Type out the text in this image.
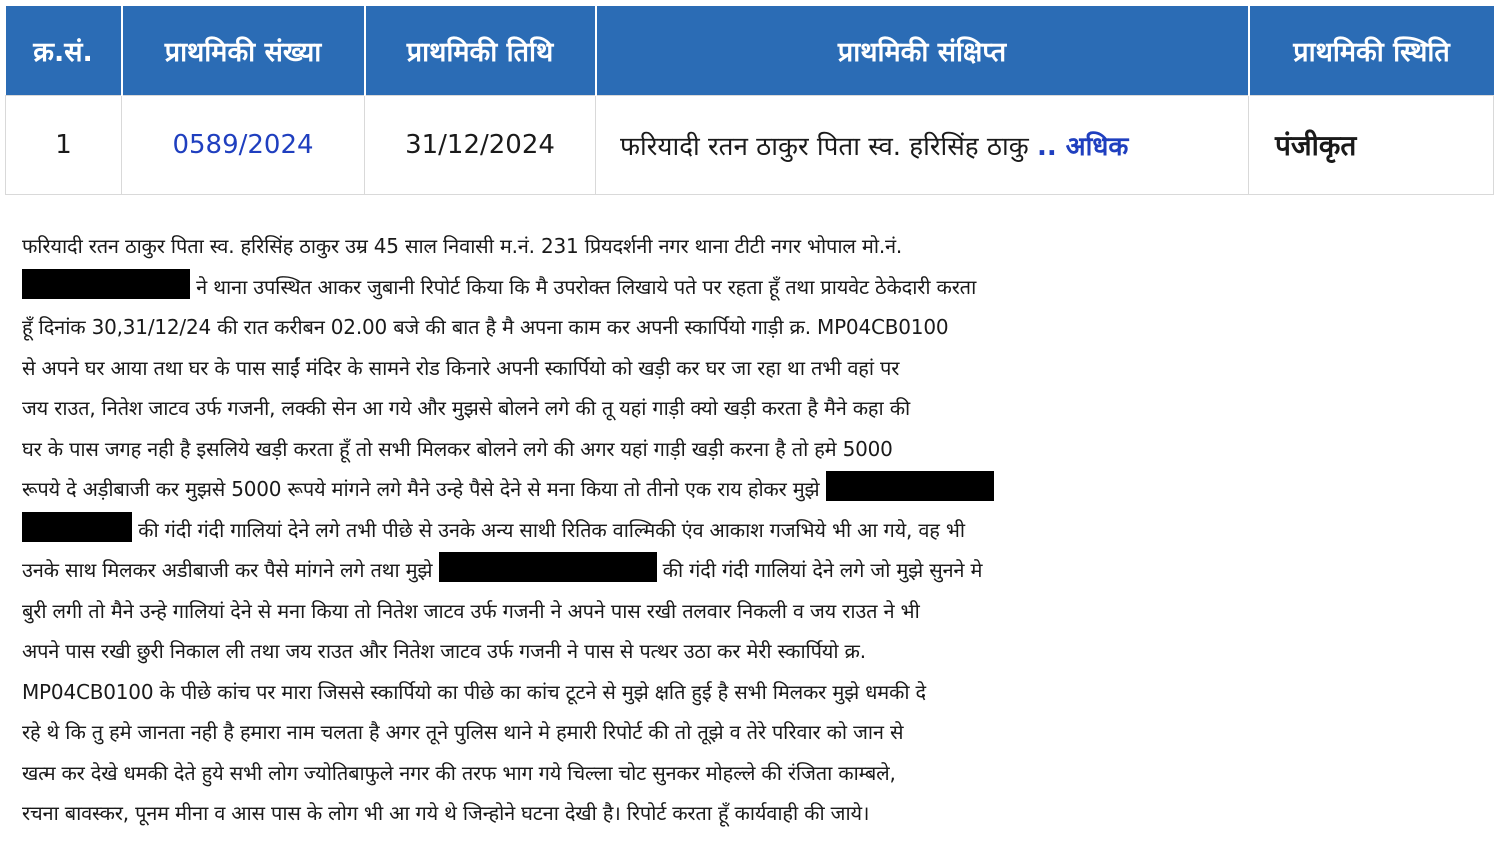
क्र.सं.	प्राथमिकी संख्या	प्राथमिकी तिथि	प्राथमिकी संक्षिप्त	प्राथमिकी स्थिति
1	0589/2024	31/12/2024	फरियादी रतन ठाकुर पिता स्व. हरिसिंह ठाकु .. अधिक	पंजीकृत
फरियादी रतन ठाकुर पिता स्व. हरिसिंह ठाकुर उम्र 45 साल निवासी म.नं. 231 प्रियदर्शनी नगर थाना टीटी नगर भोपाल मो.नं.
ने थाना उपस्थित आकर जुबानी रिपोर्ट किया कि मै उपरोक्त लिखाये पते पर रहता हूँ तथा प्रायवेट ठेकेदारी करता
हूँ दिनांक 30,31/12/24 की रात करीबन 02.00 बजे की बात है मै अपना काम कर अपनी स्कार्पियो गाड़ी क्र. MP04CB0100
से अपने घर आया तथा घर के पास साईं मंदिर के सामने रोड किनारे अपनी स्कार्पियो को खड़ी कर घर जा रहा था तभी वहां पर
जय राउत, नितेश जाटव उर्फ गजनी, लक्की सेन आ गये और मुझसे बोलने लगे की तू यहां गाड़ी क्यो खड़ी करता है मैने कहा की
घर के पास जगह नही है इसलिये खड़ी करता हूँ तो सभी मिलकर बोलने लगे की अगर यहां गाड़ी खड़ी करना है तो हमे 5000
रूपये दे अड़ीबाजी कर मुझसे 5000 रूपये मांगने लगे मैने उन्हे पैसे देने से मना किया तो तीनो एक राय होकर मुझे
की गंदी गंदी गालियां देने लगे तभी पीछे से उनके अन्य साथी रितिक वाल्मिकी एंव आकाश गजभिये भी आ गये, वह भी
उनके साथ मिलकर अडीबाजी कर पैसे मांगने लगे तथा मुझे	की गंदी गंदी गालियां देने लगे जो मुझे सुनने मे
बुरी लगी तो मैने उन्हे गालियां देने से मना किया तो नितेश जाटव उर्फ गजनी ने अपने पास रखी तलवार निकली व जय राउत ने भी
अपने पास रखी छुरी निकाल ली तथा जय राउत और नितेश जाटव उर्फ गजनी ने पास से पत्थर उठा कर मेरी स्कार्पियो क्र.
MP04CB0100 के पीछे कांच पर मारा जिससे स्कार्पियो का पीछे का कांच टूटने से मुझे क्षति हुई है सभी मिलकर मुझे धमकी दे
रहे थे कि तु हमे जानता नही है हमारा नाम चलता है अगर तूने पुलिस थाने मे हमारी रिपोर्ट की तो तूझे व तेरे परिवार को जान से
खत्म कर देखे धमकी देते हुये सभी लोग ज्योतिबाफुले नगर की तरफ भाग गये चिल्ला चोट सुनकर मोहल्ले की रंजिता काम्बले,
रचना बावस्कर, पूनम मीना व आस पास के लोग भी आ गये थे जिन्होने घटना देखी है। रिपोर्ट करता हूँ कार्यवाही की जाये।
